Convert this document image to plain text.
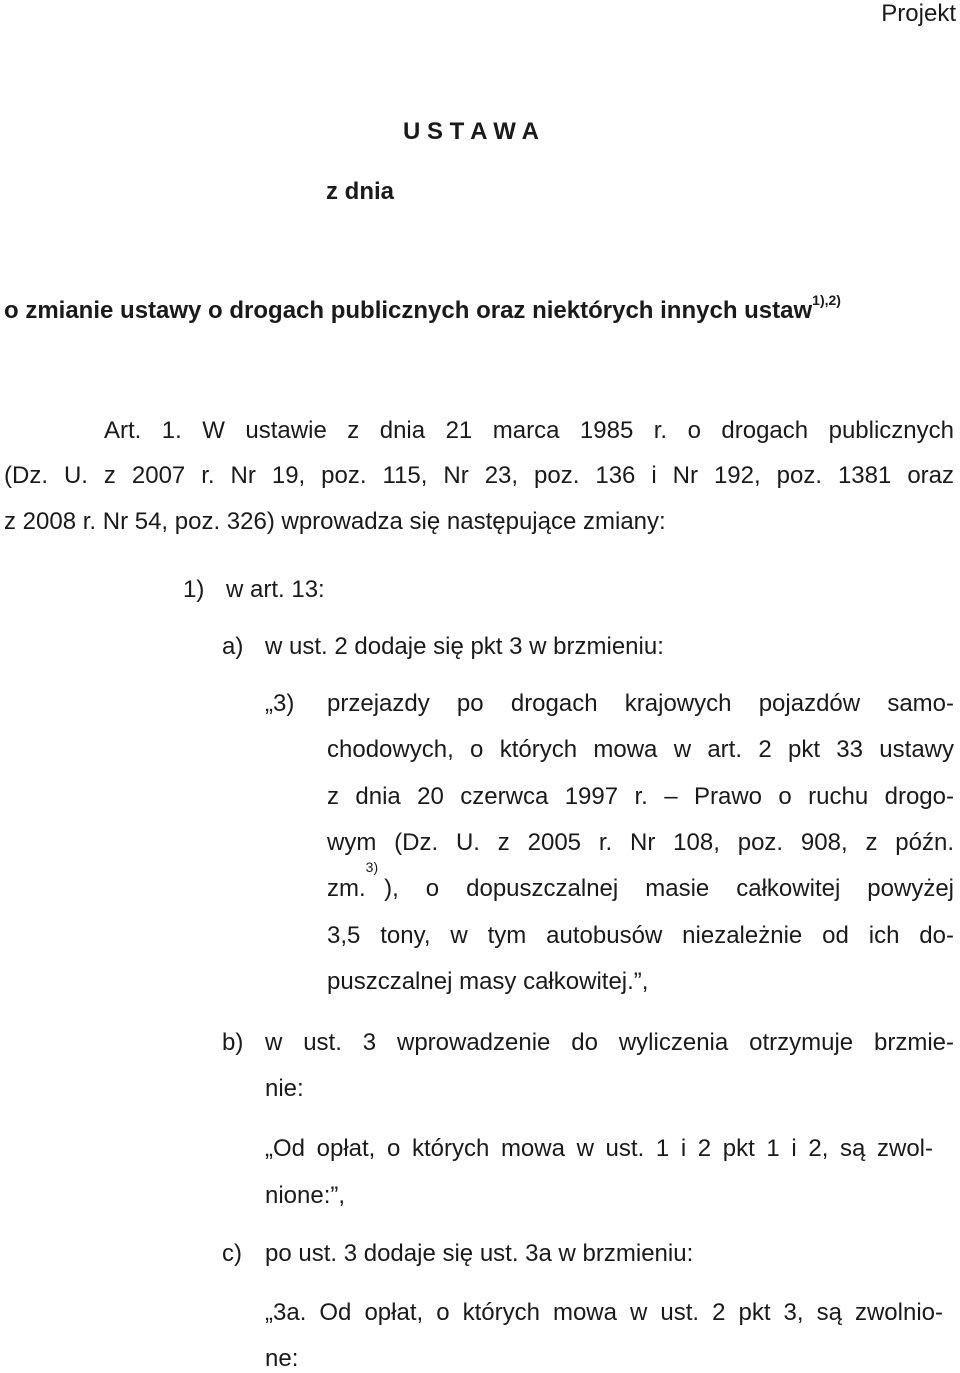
Projekt
U S T A W A
z dnia
o zmianie ustawy o drogach publicznych oraz niektórych innych ustaw$^{1),2)}$
Art. 1. W ustawie z dnia 21 marca 1985 r. o drogach publicznych
(Dz. U. z 2007 r. Nr 19, poz. 115, Nr 23, poz. 136 i Nr 192, poz. 1381 oraz
z 2008 r. Nr 54, poz. 326) wprowadza się następujące zmiany:
1) w art. 13:
a) w ust. 2 dodaje się pkt 3 w brzmieniu:
„3) przejazdy po drogach krajowych pojazdów samo-
chodowych, o których mowa w art. 2 pkt 33 ustawy
z dnia 20 czerwca 1997 r. – Prawo o ruchu drogo-
wym (Dz. U. z 2005 r. Nr 108, poz. 908, z późn.
zm.
$^{3)}$
), o dopuszczalnej masie całkowitej powyżej
3,5 tony, w tym autobusów niezależnie od ich do-
puszczalnej masy całkowitej.”,
b) w ust. 3 wprowadzenie do wyliczenia otrzymuje brzmie-
nie:
„Od opłat, o których mowa w ust. 1 i 2 pkt 1 i 2, są zwol-
nione:”,
c) po ust. 3 dodaje się ust. 3a w brzmieniu:
„3a. Od opłat, o których mowa w ust. 2 pkt 3, są zwolnio-
ne:
